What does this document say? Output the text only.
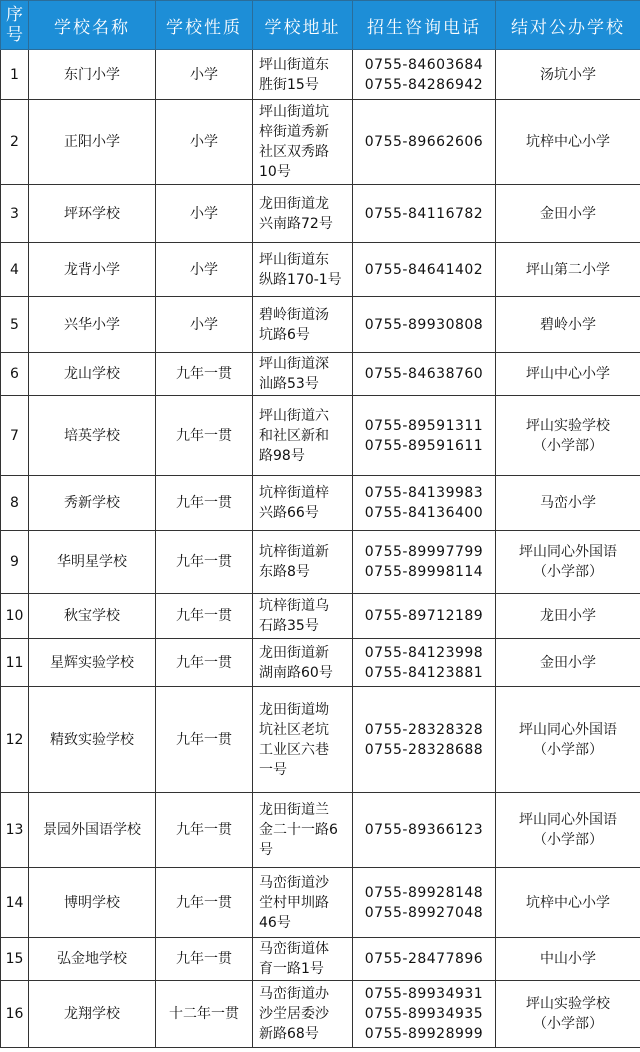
序号	学校名称	学校性质	学校地址	招生咨询电话	结对公办学校
1	东门小学	小学	坪山街道东
胜街15号	0755-84603684
0755-84286942	汤坑小学

2	正阳小学	小学	坪山街道坑
梓街道秀新
社区双秀路
10号	0755-89662606	坑梓中心小学

3	坪环学校	小学	龙田街道龙
兴南路72号	0755-84116782	金田小学

4	龙背小学	小学	坪山街道东
纵路170-1号	0755-84641402	坪山第二小学

5	兴华小学	小学	碧岭街道汤
坑路6号	0755-89930808	碧岭小学

6	龙山学校	九年一贯	坪山街道深
汕路53号	0755-84638760	坪山中心小学

7	培英学校	九年一贯	坪山街道六
和社区新和
路98号	0755-89591311
0755-89591611	坪山实验学校
（小学部）

8	秀新学校	九年一贯	坑梓街道梓
兴路66号	0755-84139983
0755-84136400	马峦小学

9	华明星学校	九年一贯	坑梓街道新
东路8号	0755-89997799
0755-89998114	坪山同心外国语
（小学部）

10	秋宝学校	九年一贯	坑梓街道乌
石路35号	0755-89712189	龙田小学

11	星辉实验学校	九年一贯	龙田街道新
湖南路60号	0755-84123998
0755-84123881	金田小学

12	精致实验学校	九年一贯	龙田街道坳
坑社区老坑
工业区六巷
一号	0755-28328328
0755-28328688	坪山同心外国语
（小学部）

13	景园外国语学校	九年一贯	龙田街道兰
金二十一路6
号	0755-89366123	坪山同心外国语
（小学部）

14	博明学校	九年一贯	马峦街道沙
坣村甲圳路
46号	0755-89928148
0755-89927048	坑梓中心小学

15	弘金地学校	九年一贯	马峦街道体
育一路1号	0755-28477896	中山小学

16	龙翔学校	十二年一贯	马峦街道办
沙坣居委沙
新路68号	0755-89934931
0755-89934935
0755-89928999	坪山实验学校
（小学部）
